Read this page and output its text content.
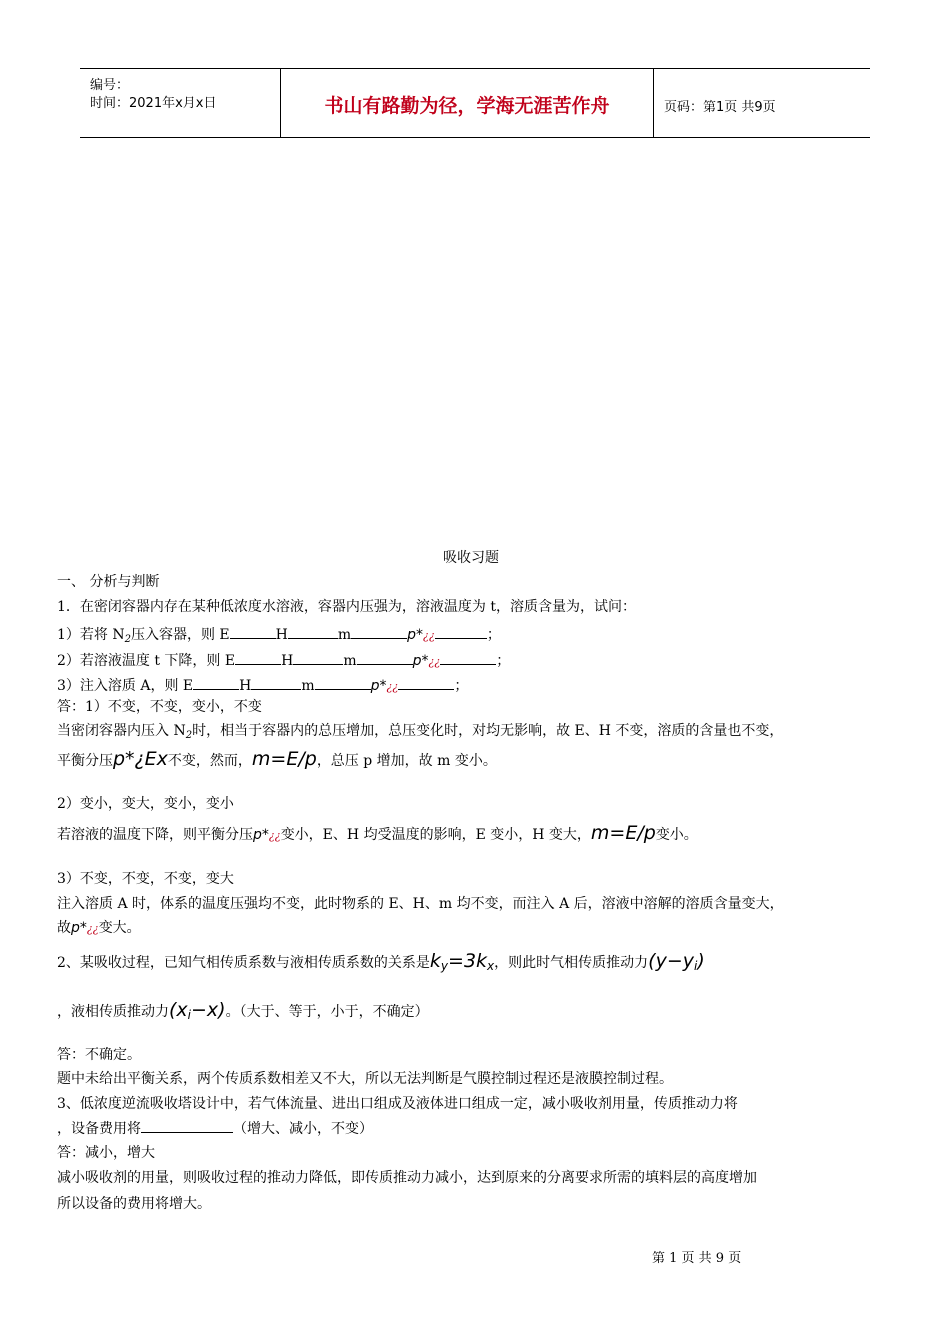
编号：
时间：2021年x月x日	书山有路勤为径，学海无涯苦作舟	页码：第1页 共9页
吸收习题
一、 分析与判断
1．在密闭容器内存在某种低浓度水溶液，容器内压强为，溶液温度为 t，溶质含量为，试问：
1）若将 $N_2$压入容器，则 E	H	m	p*¿¿	；
2）若溶液温度 t 下降，则 E	H	m	p*¿¿	；
3）注入溶质 A，则 E	H	m	p*¿¿	；
答：1）不变，不变，变小，不变
当密闭容器内压入 $N_2$时，相当于容器内的总压增加，总压变化时，对均无影响，故 E、H 不变，溶质的含量也不变，
平衡分压p*¿Ex不变，然而，m=E/p，总压 p 增加，故 m 变小。
2）变小，变大，变小，变小
若溶液的温度下降，则平衡分压p*¿¿变小，E、H 均受温度的影响，E 变小，H 变大，m=E/p变小。
3）不变，不变，不变，变大
注入溶质 A 时，体系的温度压强均不变，此时物系的 E、H、m 均不变，而注入 A 后，溶液中溶解的溶质含量变大，
故p*¿¿变大。
2、某吸收过程，已知气相传质系数与液相传质系数的关系是$k_y=3k_x$，则此时气相传质推动力$(y-y_i)$
，液相传质推动力$(x_i-x)$。（大于、等于，小于，不确定）
答：不确定。
题中未给出平衡关系，两个传质系数相差又不大，所以无法判断是气膜控制过程还是液膜控制过程。
3、低浓度逆流吸收塔设计中，若气体流量、进出口组成及液体进口组成一定，减小吸收剂用量，传质推动力将
，设备费用将	（增大、减小，不变）
答：减小，增大
减小吸收剂的用量，则吸收过程的推动力降低，即传质推动力减小，达到原来的分离要求所需的填料层的高度增加
所以设备的费用将增大。
第 1 页 共 9 页
